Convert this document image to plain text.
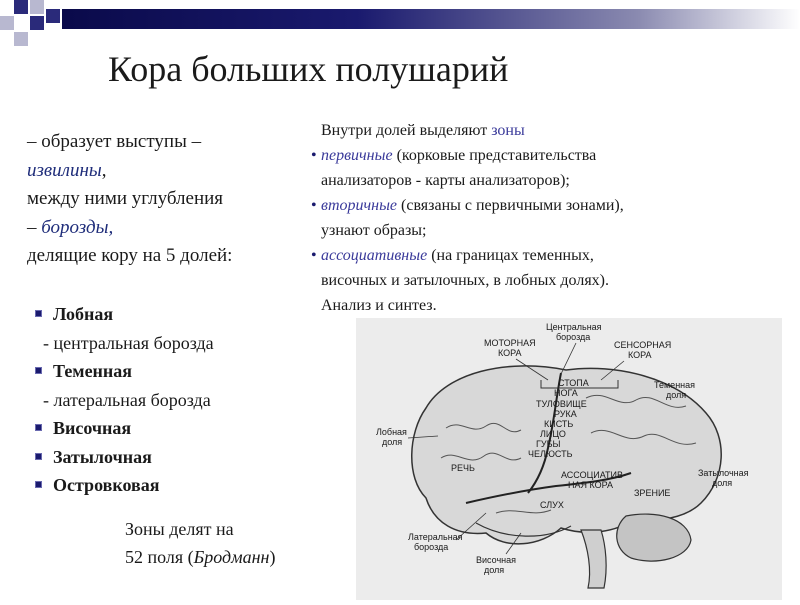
Кора больших полушарий
– образует выступы –
извилины,
между ними углубления
– борозды,
делящие кору на 5 долей:
Лобная
- центральная борозда
Теменная
- латеральная борозда
Височная
Затылочная
Островковая
Зоны делят на
52 поля (Бродманн)

Внутри долей выделяют зоны

• первичные (корковые представительства

анализаторов - карты анализаторов);

• вторичные (связаны с первичными зонами),

узнают образы;

• ассоциативные (на границах теменных,

височных и затылочных, в лобных долях).

Анализ и синтез.

Центральная
борозда
МОТОРНАЯ
КОРА
СЕНСОРНАЯ
КОРА
Теменная
доля
Лобная
доля
Затылочная
доля
Латеральная
борозда
Височная
доля
СТОПА
НОГА
ТУЛОВИЩЕ
РУКА
КИСТЬ
ЛИЦО
ГУБЫ
ЧЕЛЮСТЬ
РЕЧЬ
АССОЦИАТИВ-
НАЯ КОРА
ЗРЕНИЕ
СЛУХ
